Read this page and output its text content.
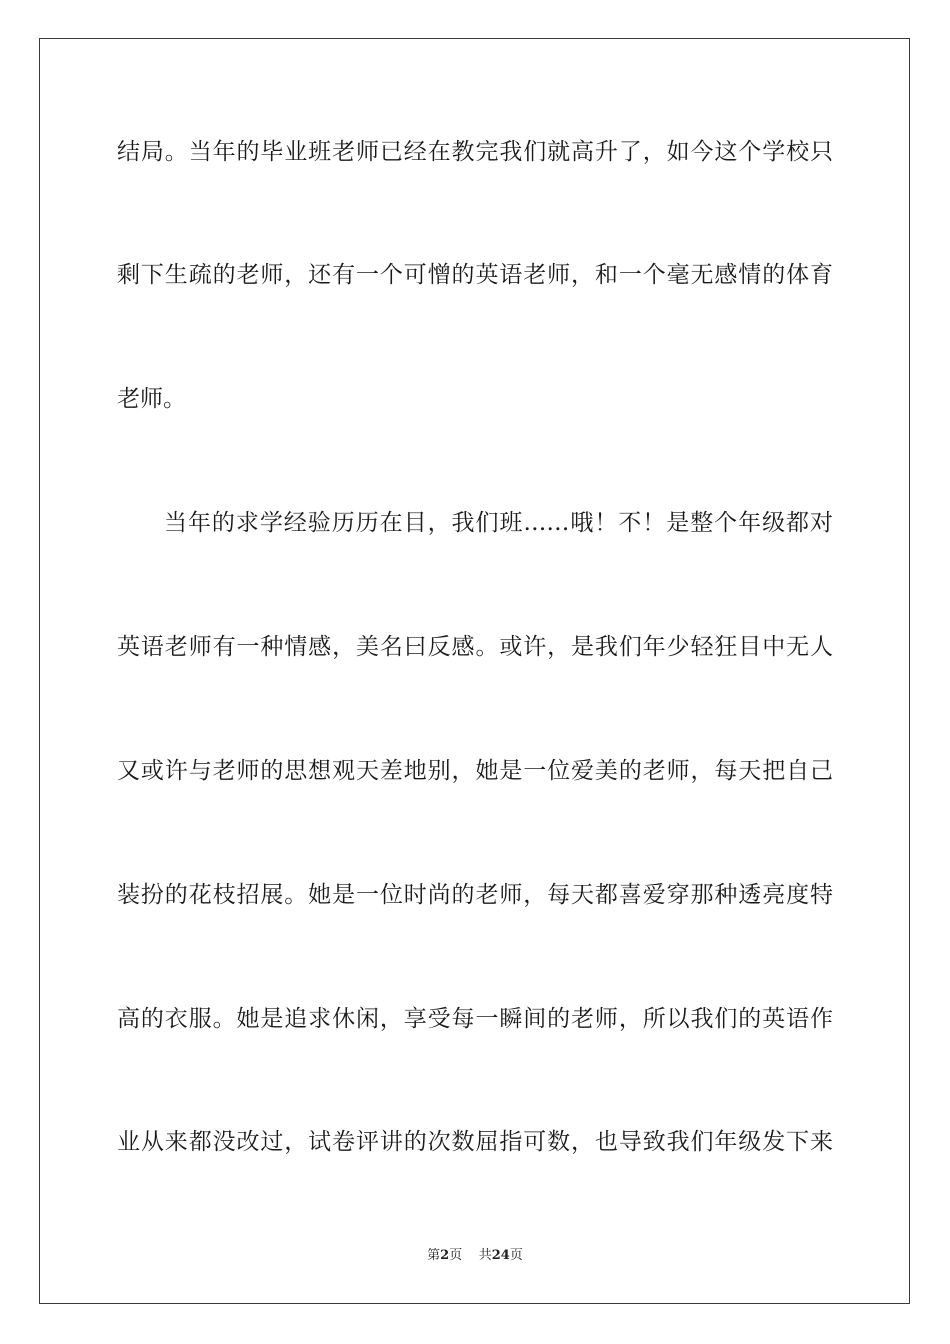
结局。当年的毕业班老师已经在教完我们就高升了，如今这个学校只
剩下生疏的老师，还有一个可憎的英语老师，和一个毫无感情的体育
老师。
当年的求学经验历历在目，我们班……哦！不！是整个年级都对
英语老师有一种情感，美名曰反感。或许，是我们年少轻狂目中无人
又或许与老师的思想观天差地别，她是一位爱美的老师，每天把自己
装扮的花枝招展。她是一位时尚的老师，每天都喜爱穿那种透亮度特
高的衣服。她是追求休闲，享受每一瞬间的老师，所以我们的英语作
业从来都没改过，试卷评讲的次数屈指可数，也导致我们年级发下来
第2页 共24页
